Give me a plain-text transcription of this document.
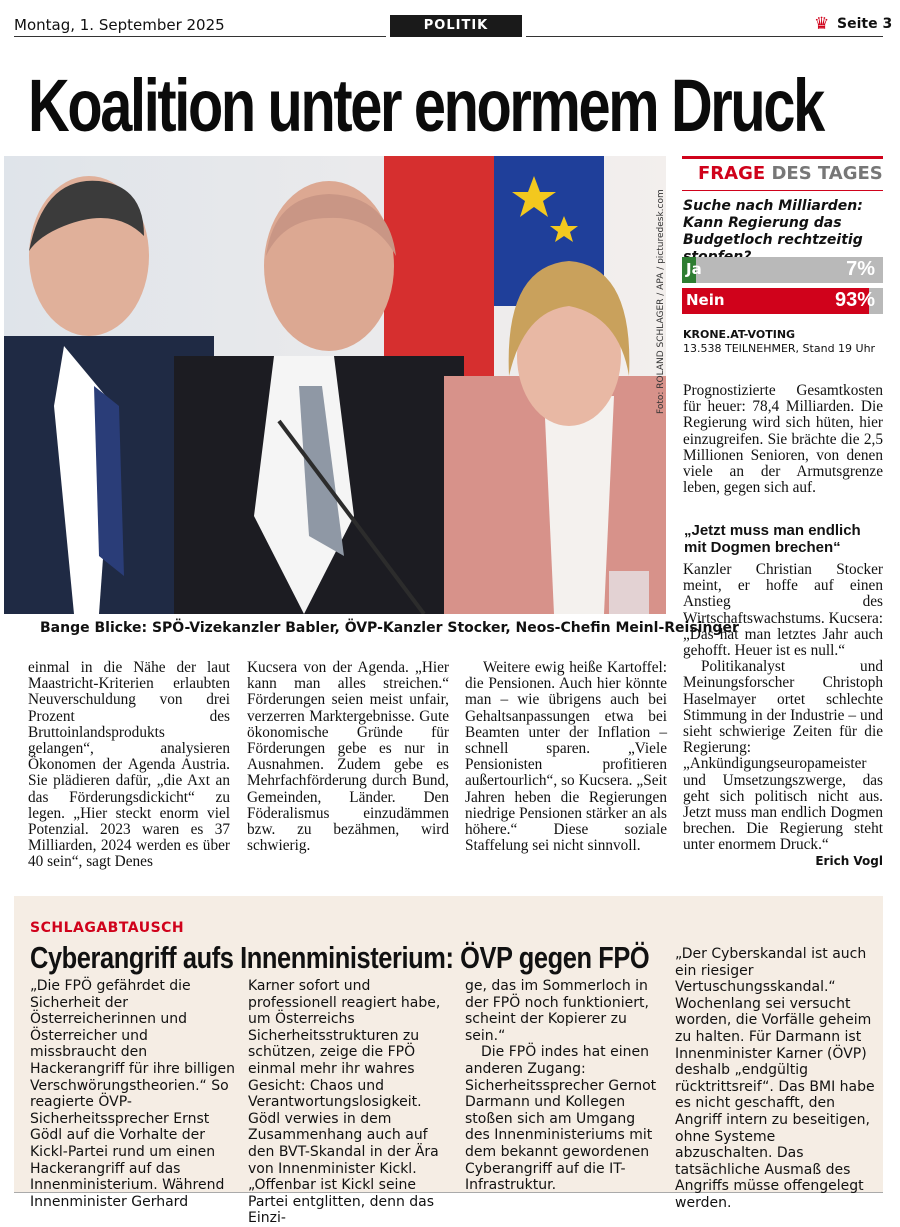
Montag, 1. September 2025	POLITIK	♛ Seite 3
Koalition unter enormem Druck
Foto: ROLAND SCHLAGER / APA / picturedesk.com
Bange Blicke: SPÖ-Vizekanzler Babler, ÖVP-Kanzler Stocker, Neos-Chefin Meinl-Reisinger
FRAGE DES TAGES
Suche nach Milliarden: Kann Regierung das Budgetloch rechtzeitig
Ja	7%
Nein	93%
KRONE.AT-VOTING
13.538 TEILNEHMER, Stand 19 Uhr

einmal in die Nähe der laut Maastricht-Kriterien erlaubten Neuverschuldung von drei Prozent des Bruttoinlandsprodukts gelangen“, analysieren Ökonomen der Agenda Austria. Sie plädieren dafür, „die Axt an das Förderungsdickicht“ zu legen. „Hier steckt enorm viel Potenzial. 2023 waren es 37 Milliarden, 2024 werden es über 40 sein“, sagt Denes

Kucsera von der Agenda. „Hier kann man alles streichen.“ Förderungen seien meist unfair, verzerren Marktergebnisse. Gute ökonomische Gründe für Förderungen gebe es nur in Ausnahmen. Zudem gebe es Mehrfachförderung durch Bund, Gemeinden, Länder. Den Föderalismus einzudämmen bzw. zu bezähmen, wird schwierig.

Weitere ewig heiße Kartoffel: die Pensionen. Auch hier könnte man – wie übrigens auch bei Gehaltsanpassungen etwa bei Beamten unter der Inflation – schnell sparen. „Viele Pensionisten profitieren außertourlich“, so Kucsera. „Seit Jahren heben die Regierungen niedrige Pensionen stärker an als höhere.“ Diese soziale Staffelung sei nicht sinnvoll.

Prognostizierte Gesamtkosten für heuer: 78,4 Milliarden. Die Regierung wird sich hüten, hier einzugreifen. Sie brächte die 2,5 Millionen Senioren, von denen viele an der Armutsgrenze leben, gegen sich auf.

„Jetzt muss man endlich mit Dogmen brechen“

Kanzler Christian Stocker meint, er hoffe auf einen Anstieg des Wirtschaftswachstums. Kucsera: „Das hat man letztes Jahr auch gehofft. Heuer ist es null.“

Politikanalyst und Meinungsforscher Christoph Haselmayer ortet schlechte Stimmung in der Industrie – und sieht schwierige Zeiten für die Regierung: „Ankündigungseuropameister und Umsetzungszwerge, das geht sich politisch nicht aus. Jetzt muss man endlich Dogmen brechen. Die Regierung steht unter enormem Druck.“
Erich Vogl

SCHLAGABTAUSCH
Cyberangriff aufs Innenministerium: ÖVP gegen FPÖ

„Die FPÖ gefährdet die Sicherheit der Österreicherinnen und Österreicher und missbraucht den Hackerangriff für ihre billigen Verschwörungstheorien.“ So reagierte ÖVP-Sicherheitssprecher Ernst Gödl auf die Vorhalte der Kickl-Partei rund um einen Hackerangriff auf das Innenministerium. Während Innenminister Gerhard

Karner sofort und professionell reagiert habe, um Österreichs Sicherheitsstrukturen zu schützen, zeige die FPÖ einmal mehr ihr wahres Gesicht: Chaos und Verantwortungslosigkeit. Gödl verwies in dem Zusammenhang auch auf den BVT-Skandal in der Ära von Innenminister Kickl. „Offenbar ist Kickl seine Partei entglitten, denn das Einzi-

ge, das im Sommerloch in der FPÖ noch funktioniert, scheint der Kopierer zu sein.“

Die FPÖ indes hat einen anderen Zugang: Sicherheitssprecher Gernot Darmann und Kollegen stoßen sich am Umgang des Innenministeriums mit dem bekannt gewordenen Cyberangriff auf die IT-Infrastruktur.

„Der Cyberskandal ist auch ein riesiger Vertuschungsskandal.“ Wochenlang sei versucht worden, die Vorfälle geheim zu halten. Für Darmann ist Innenminister Karner (ÖVP) deshalb „endgültig rücktrittsreif“. Das BMI habe es nicht geschafft, den Angriff intern zu beseitigen, ohne Systeme abzuschalten. Das tatsächliche Ausmaß des Angriffs müsse offengelegt werden.
